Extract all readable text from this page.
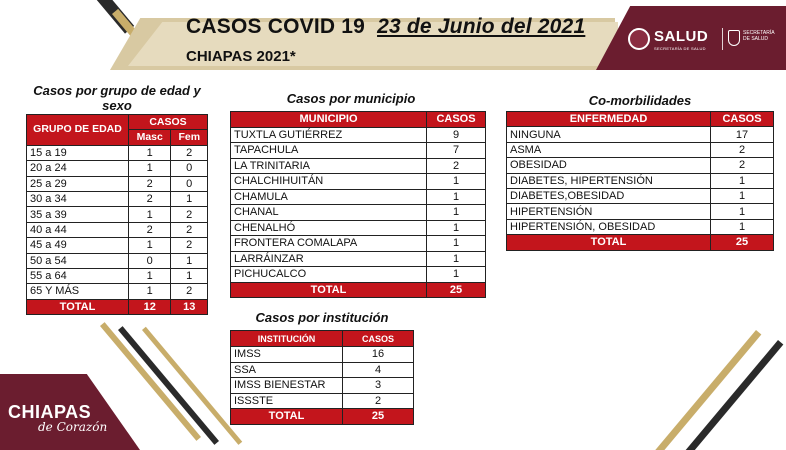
CASOS COVID 19 23 de Junio del 2021
CHIAPAS 2021*
SALUD
SECRETARÍA DE SALUD
SECRETARÍA
DE SALUD
CHIAPAS
de Corazón
Casos por grupo de edad y sexo	Casos por municipio	Co-morbilidades
Casos por institución
GRUPO DE EDAD	CASOS	
	Masc	Fem
15 a 19	1	2
20 a 24	1	0
25 a 29	2	0
30 a 34	2	1
35 a 39	1	2
40 a 44	2	2
45 a 49	1	2
50 a 54	0	1
55 a 64	1	1
65 Y MÁS	1	2
TOTAL	12	13
MUNICIPIO	CASOS
TUXTLA GUTIÉRREZ	9
TAPACHULA	7
LA TRINITARIA	2
CHALCHIHUITÁN	1
CHAMULA	1
CHANAL	1
CHENALHÓ	1
FRONTERA COMALAPA	1
LARRÁINZAR	1
PICHUCALCO	1
TOTAL	25
ENFERMEDAD	CASOS
NINGUNA	17
ASMA	2
OBESIDAD	2
DIABETES, HIPERTENSIÓN	1
DIABETES,OBESIDAD	1
HIPERTENSIÓN	1
HIPERTENSIÓN, OBESIDAD	1
TOTAL	25
INSTITUCIÓN	CASOS
IMSS	16
SSA	4
IMSS BIENESTAR	3
ISSSTE	2
TOTAL	25
